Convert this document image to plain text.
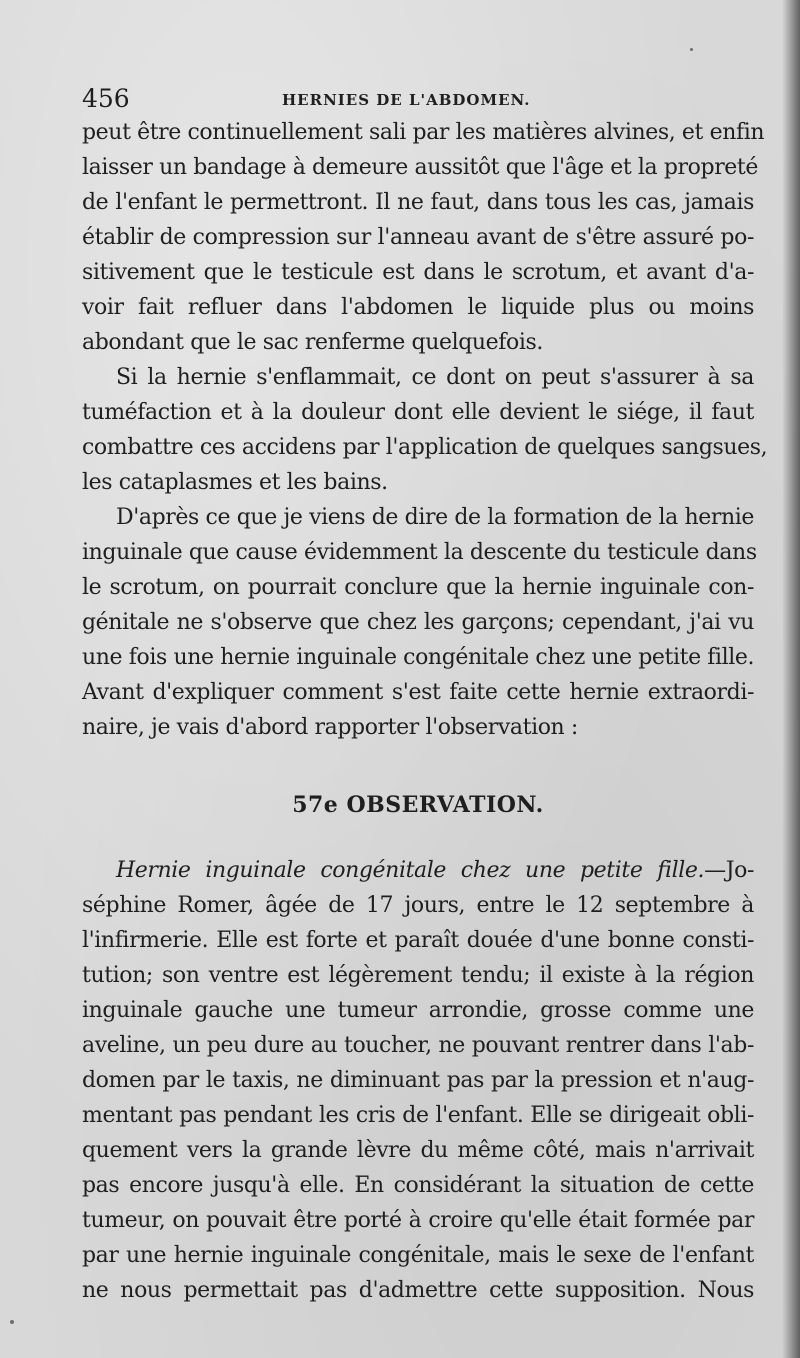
456	HERNIES DE L'ABDOMEN.
peut être continuellement sali par les matières alvines, et enfin
laisser un bandage à demeure aussitôt que l'âge et la propreté
de l'enfant le permettront. Il ne faut, dans tous les cas, jamais
établir de compression sur l'anneau avant de s'être assuré po-
sitivement que le testicule est dans le scrotum, et avant d'a-
voir fait refluer dans l'abdomen le liquide plus ou moins
abondant que le sac renferme quelquefois.
Si la hernie s'enflammait, ce dont on peut s'assurer à sa
tuméfaction et à la douleur dont elle devient le siége, il faut
combattre ces accidens par l'application de quelques sangsues,
les cataplasmes et les bains.
D'après ce que je viens de dire de la formation de la hernie
inguinale que cause évidemment la descente du testicule dans
le scrotum, on pourrait conclure que la hernie inguinale con-
génitale ne s'observe que chez les garçons; cependant, j'ai vu
une fois une hernie inguinale congénitale chez une petite fille.
Avant d'expliquer comment s'est faite cette hernie extraordi-
naire, je vais d'abord rapporter l'observation :
57e OBSERVATION.
Hernie inguinale congénitale chez une petite fille.—Jo-
séphine Romer, âgée de 17 jours, entre le 12 septembre à
l'infirmerie. Elle est forte et paraît douée d'une bonne consti-
tution; son ventre est légèrement tendu; il existe à la région
inguinale gauche une tumeur arrondie, grosse comme une
aveline, un peu dure au toucher, ne pouvant rentrer dans l'ab-
domen par le taxis, ne diminuant pas par la pression et n'aug-
mentant pas pendant les cris de l'enfant. Elle se dirigeait obli-
quement vers la grande lèvre du même côté, mais n'arrivait
pas encore jusqu'à elle. En considérant la situation de cette
tumeur, on pouvait être porté à croire qu'elle était formée par
par une hernie inguinale congénitale, mais le sexe de l'enfant
ne nous permettait pas d'admettre cette supposition. Nous
